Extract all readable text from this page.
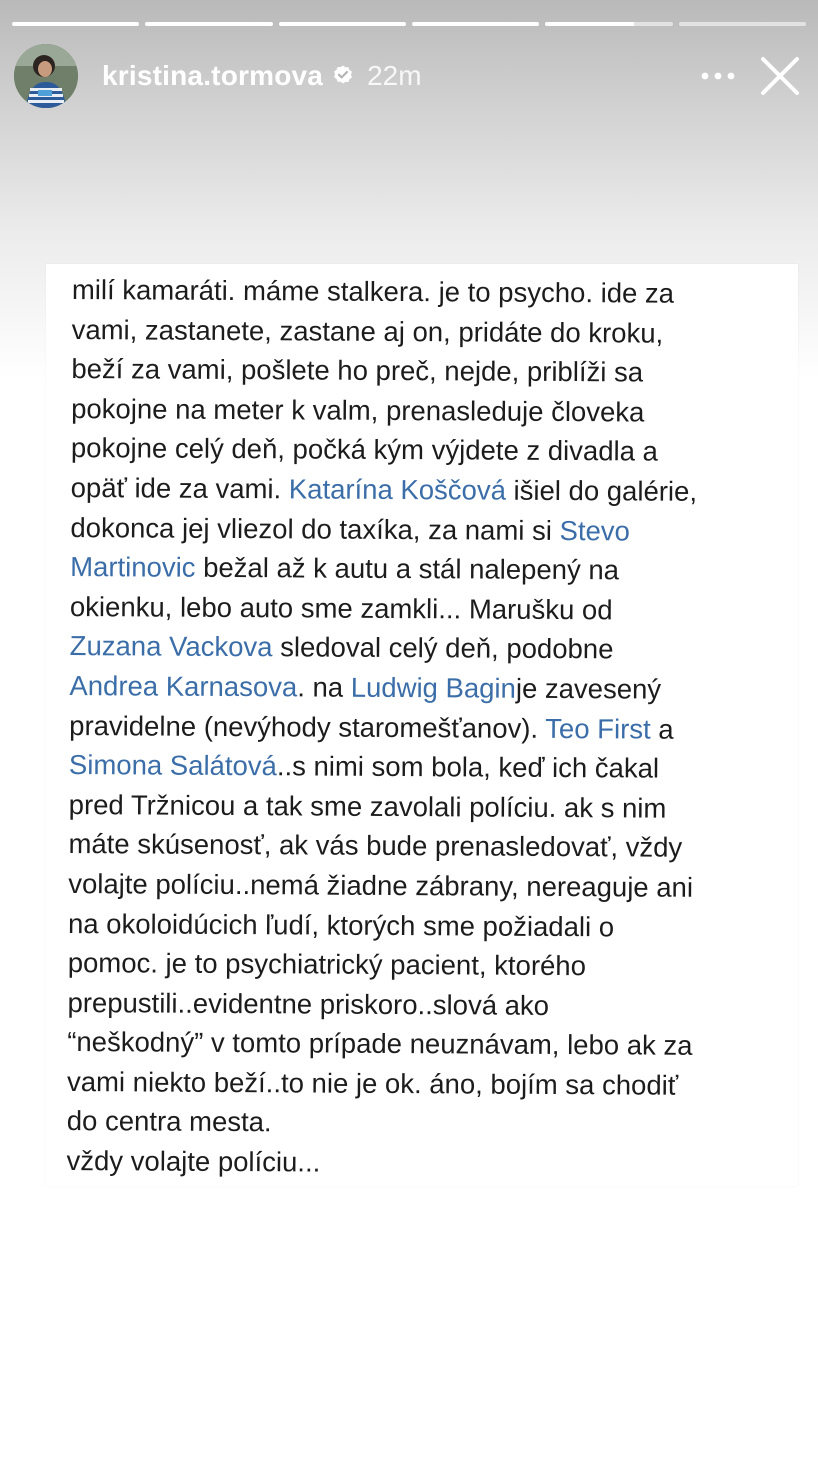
kristina.tormova 22m
milí kamaráti. máme stalkera. je to psycho. ide za
vami, zastanete, zastane aj on, pridáte do kroku,
beží za vami, pošlete ho preč, nejde, priblíži sa
pokojne na meter k valm, prenasleduje človeka
pokojne celý deň, počká kým výjdete z divadla a
opäť ide za vami. Katarína Koščová išiel do galérie,
dokonca jej vliezol do taxíka, za nami si Stevo
Martinovic bežal až k autu a stál nalepený na
okienku, lebo auto sme zamkli... Marušku od
Zuzana Vackova sledoval celý deň, podobne
Andrea Karnasova. na Ludwig Baginje zavesený
pravidelne (nevýhody staromešťanov). Teo First a
Simona Salátová..s nimi som bola, keď ich čakal
pred Tržnicou a tak sme zavolali políciu. ak s nim
máte skúsenosť, ak vás bude prenasledovať, vždy
volajte políciu..nemá žiadne zábrany, nereaguje ani
na okoloidúcich ľudí, ktorých sme požiadali o
pomoc. je to psychiatrický pacient, ktorého
prepustili..evidentne priskoro..slová ako
“neškodný” v tomto prípade neuznávam, lebo ak za
vami niekto beží..to nie je ok. áno, bojím sa chodiť
do centra mesta.
vždy volajte políciu...
